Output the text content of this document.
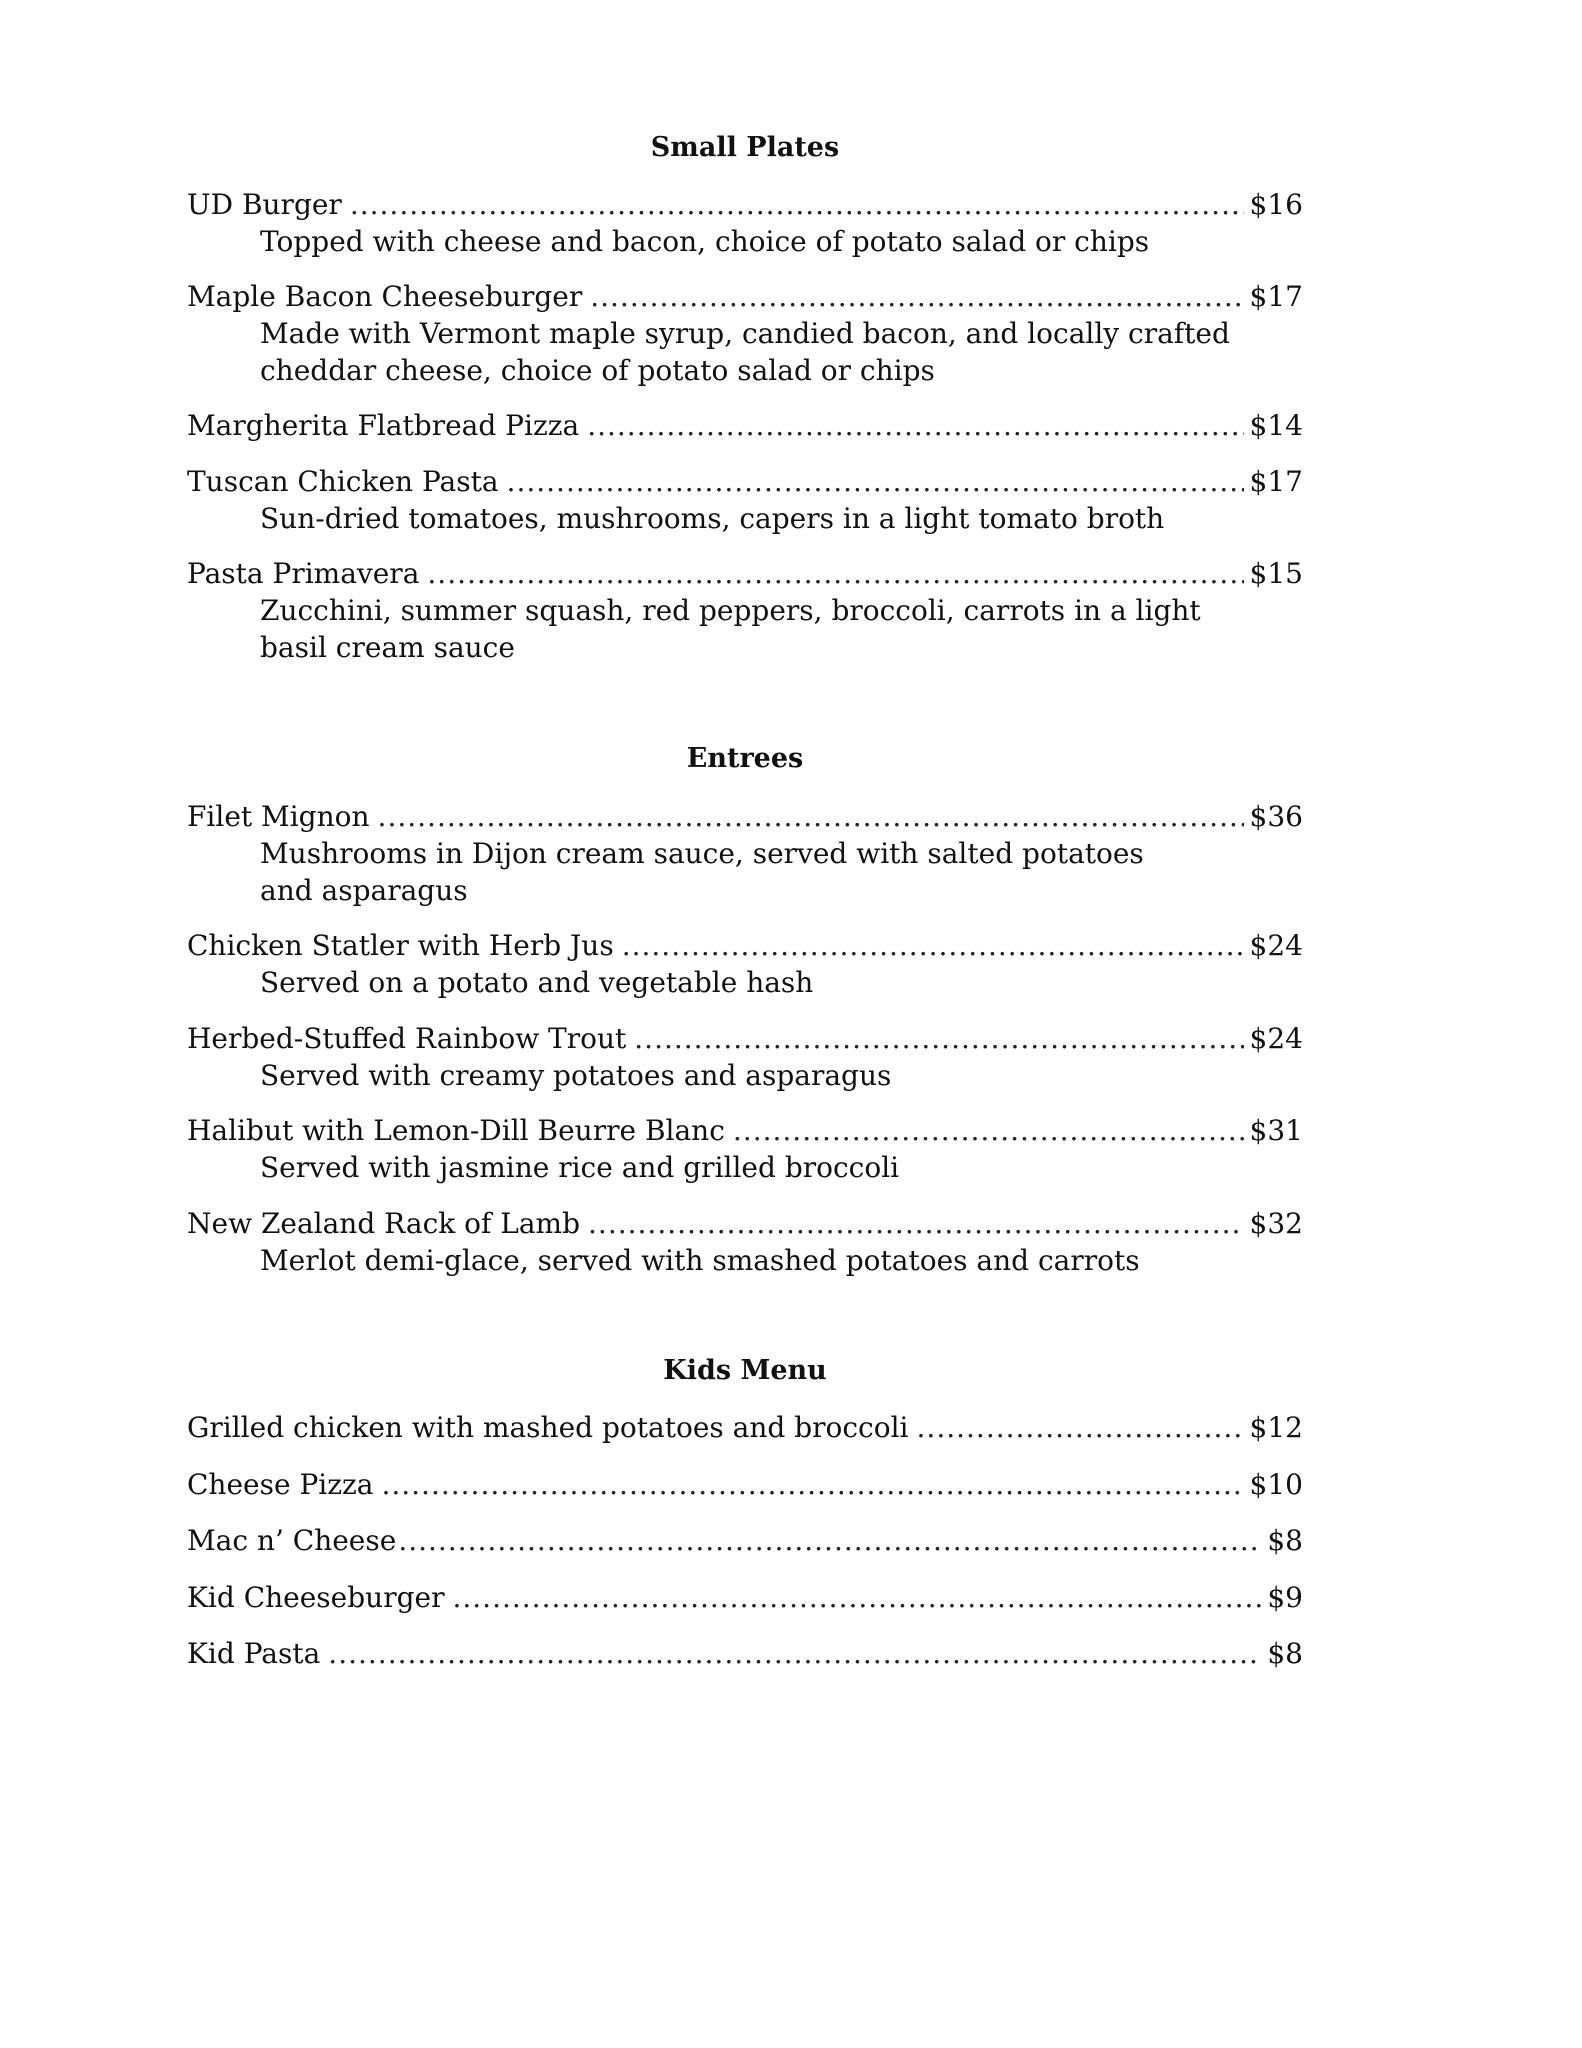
Small Plates
UD Burger .....	$16
Topped with cheese and bacon, choice of potato salad or chips
Maple Bacon Cheeseburger .....	$17
Made with Vermont maple syrup, candied bacon, and locally crafted cheddar cheese, choice of potato salad or chips
Margherita Flatbread Pizza .....	$14
Tuscan Chicken Pasta .....	$17
Sun-dried tomatoes, mushrooms, capers in a light tomato broth
Pasta Primavera .....	$15
Zucchini, summer squash, red peppers, broccoli, carrots in a light basil cream sauce
Entrees
Filet Mignon .....	$36
Mushrooms in Dijon cream sauce, served with salted potatoes and asparagus
Chicken Statler with Herb Jus .....	$24
Served on a potato and vegetable hash
Herbed-Stuffed Rainbow Trout .....	$24
Served with creamy potatoes and asparagus
Halibut with Lemon-Dill Beurre Blanc .....	$31
Served with jasmine rice and grilled broccoli
New Zealand Rack of Lamb .....	$32
Merlot demi-glace, served with smashed potatoes and carrots
Kids Menu
Grilled chicken with mashed potatoes and broccoli .....	$12
Cheese Pizza .....	$10
Mac n’ Cheese .....	$8
Kid Cheeseburger .....	$9
Kid Pasta .....	$8
